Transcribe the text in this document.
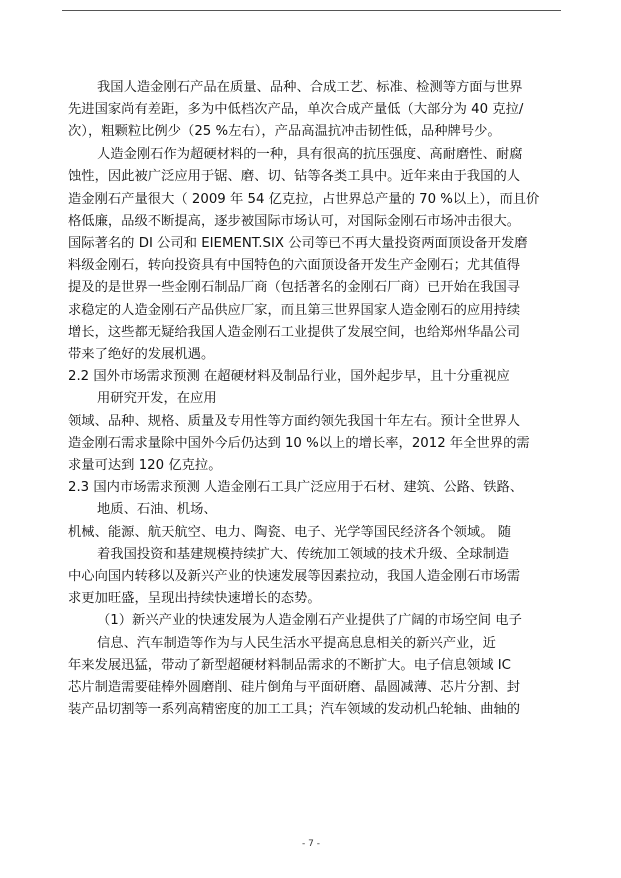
我国人造金刚石产品在质量、品种、合成工艺、标准、检测等方面与世界
先进国家尚有差距，多为中低档次产品，单次合成产量低（大部分为 40 克拉/
次），粗颗粒比例少（25 %左右），产品高温抗冲击韧性低，品种牌号少。
人造金刚石作为超硬材料的一种，具有很高的抗压强度、高耐磨性、耐腐
蚀性，因此被广泛应用于锯、磨、切、钻等各类工具中。近年来由于我国的人
造金刚石产量很大（ 2009 年 54 亿克拉，占世界总产量的 70 %以上），而且价
格低廉，品级不断提高，逐步被国际市场认可，对国际金刚石市场冲击很大。
国际著名的 DI 公司和 EIEMENT.SIX 公司等已不再大量投资两面顶设备开发磨
料级金刚石，转向投资具有中国特色的六面顶设备开发生产金刚石；尤其值得
提及的是世界一些金刚石制品厂商（包括著名的金刚石厂商）已开始在我国寻
求稳定的人造金刚石产品供应厂家，而且第三世界国家人造金刚石的应用持续
增长，这些都无疑给我国人造金刚石工业提供了发展空间，也给郑州华晶公司
带来了绝好的发展机遇。
2.2 国外市场需求预测 在超硬材料及制品行业，国外起步早，且十分重视应
用研究开发，在应用
领域、品种、规格、质量及专用性等方面约领先我国十年左右。预计全世界人
造金刚石需求量除中国外今后仍达到 10 %以上的增长率，2012 年全世界的需
求量可达到 120 亿克拉。
2.3 国内市场需求预测 人造金刚石工具广泛应用于石材、建筑、公路、铁路、
地质、石油、机场、
机械、能源、航天航空、电力、陶瓷、电子、光学等国民经济各个领域。 随
着我国投资和基建规模持续扩大、传统加工领域的技术升级、全球制造
中心向国内转移以及新兴产业的快速发展等因素拉动，我国人造金刚石市场需
求更加旺盛，呈现出持续快速增长的态势。
（1）新兴产业的快速发展为人造金刚石产业提供了广阔的市场空间 电子
信息、汽车制造等作为与人民生活水平提高息息相关的新兴产业，近
年来发展迅猛，带动了新型超硬材料制品需求的不断扩大。电子信息领域 IC
芯片制造需要硅棒外圆磨削、硅片倒角与平面研磨、晶圆减薄、芯片分割、封
装产品切割等一系列高精密度的加工工具；汽车领域的发动机凸轮轴、曲轴的
- 7 -
